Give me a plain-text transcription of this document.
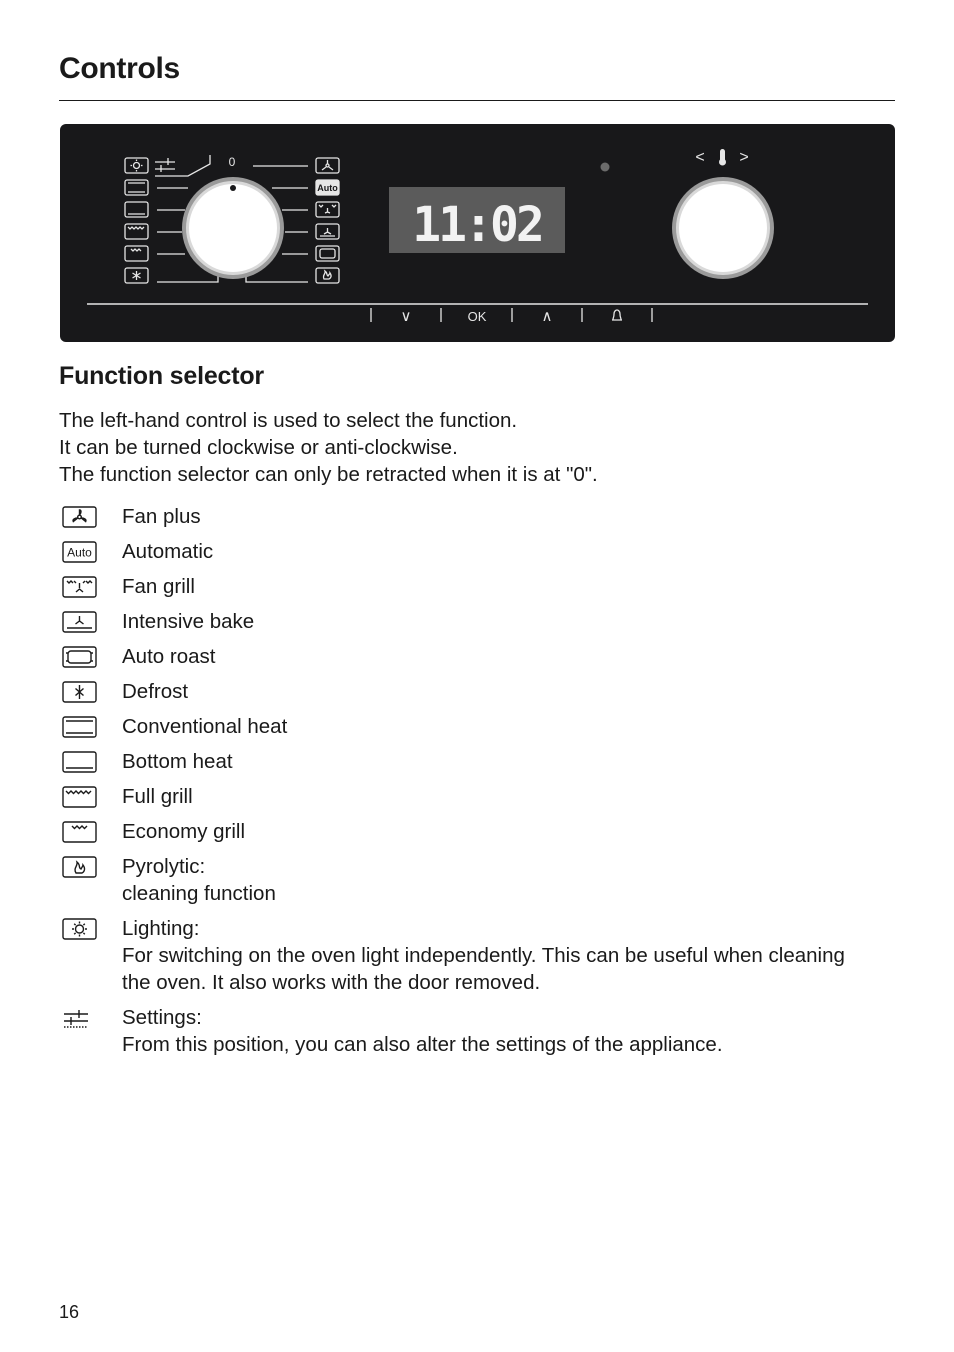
Controls
Auto
0
11:02
< >
∨	OK	∧
Function selector

The left-hand control is used to select the function.

It can be turned clockwise or anti-clockwise.

The function selector can only be retracted when it is at "0".

Fan plus
Auto Automatic
Fan grill
Intensive bake
Auto roast
Defrost
Conventional heat
Bottom heat
Full grill
Economy grill
Pyrolytic:
cleaning function
Lighting:
For switching on the oven light independently. This can be useful when cleaning the oven. It also works with the door removed.
Settings:
From this position, you can also alter the settings of the appliance.
16
